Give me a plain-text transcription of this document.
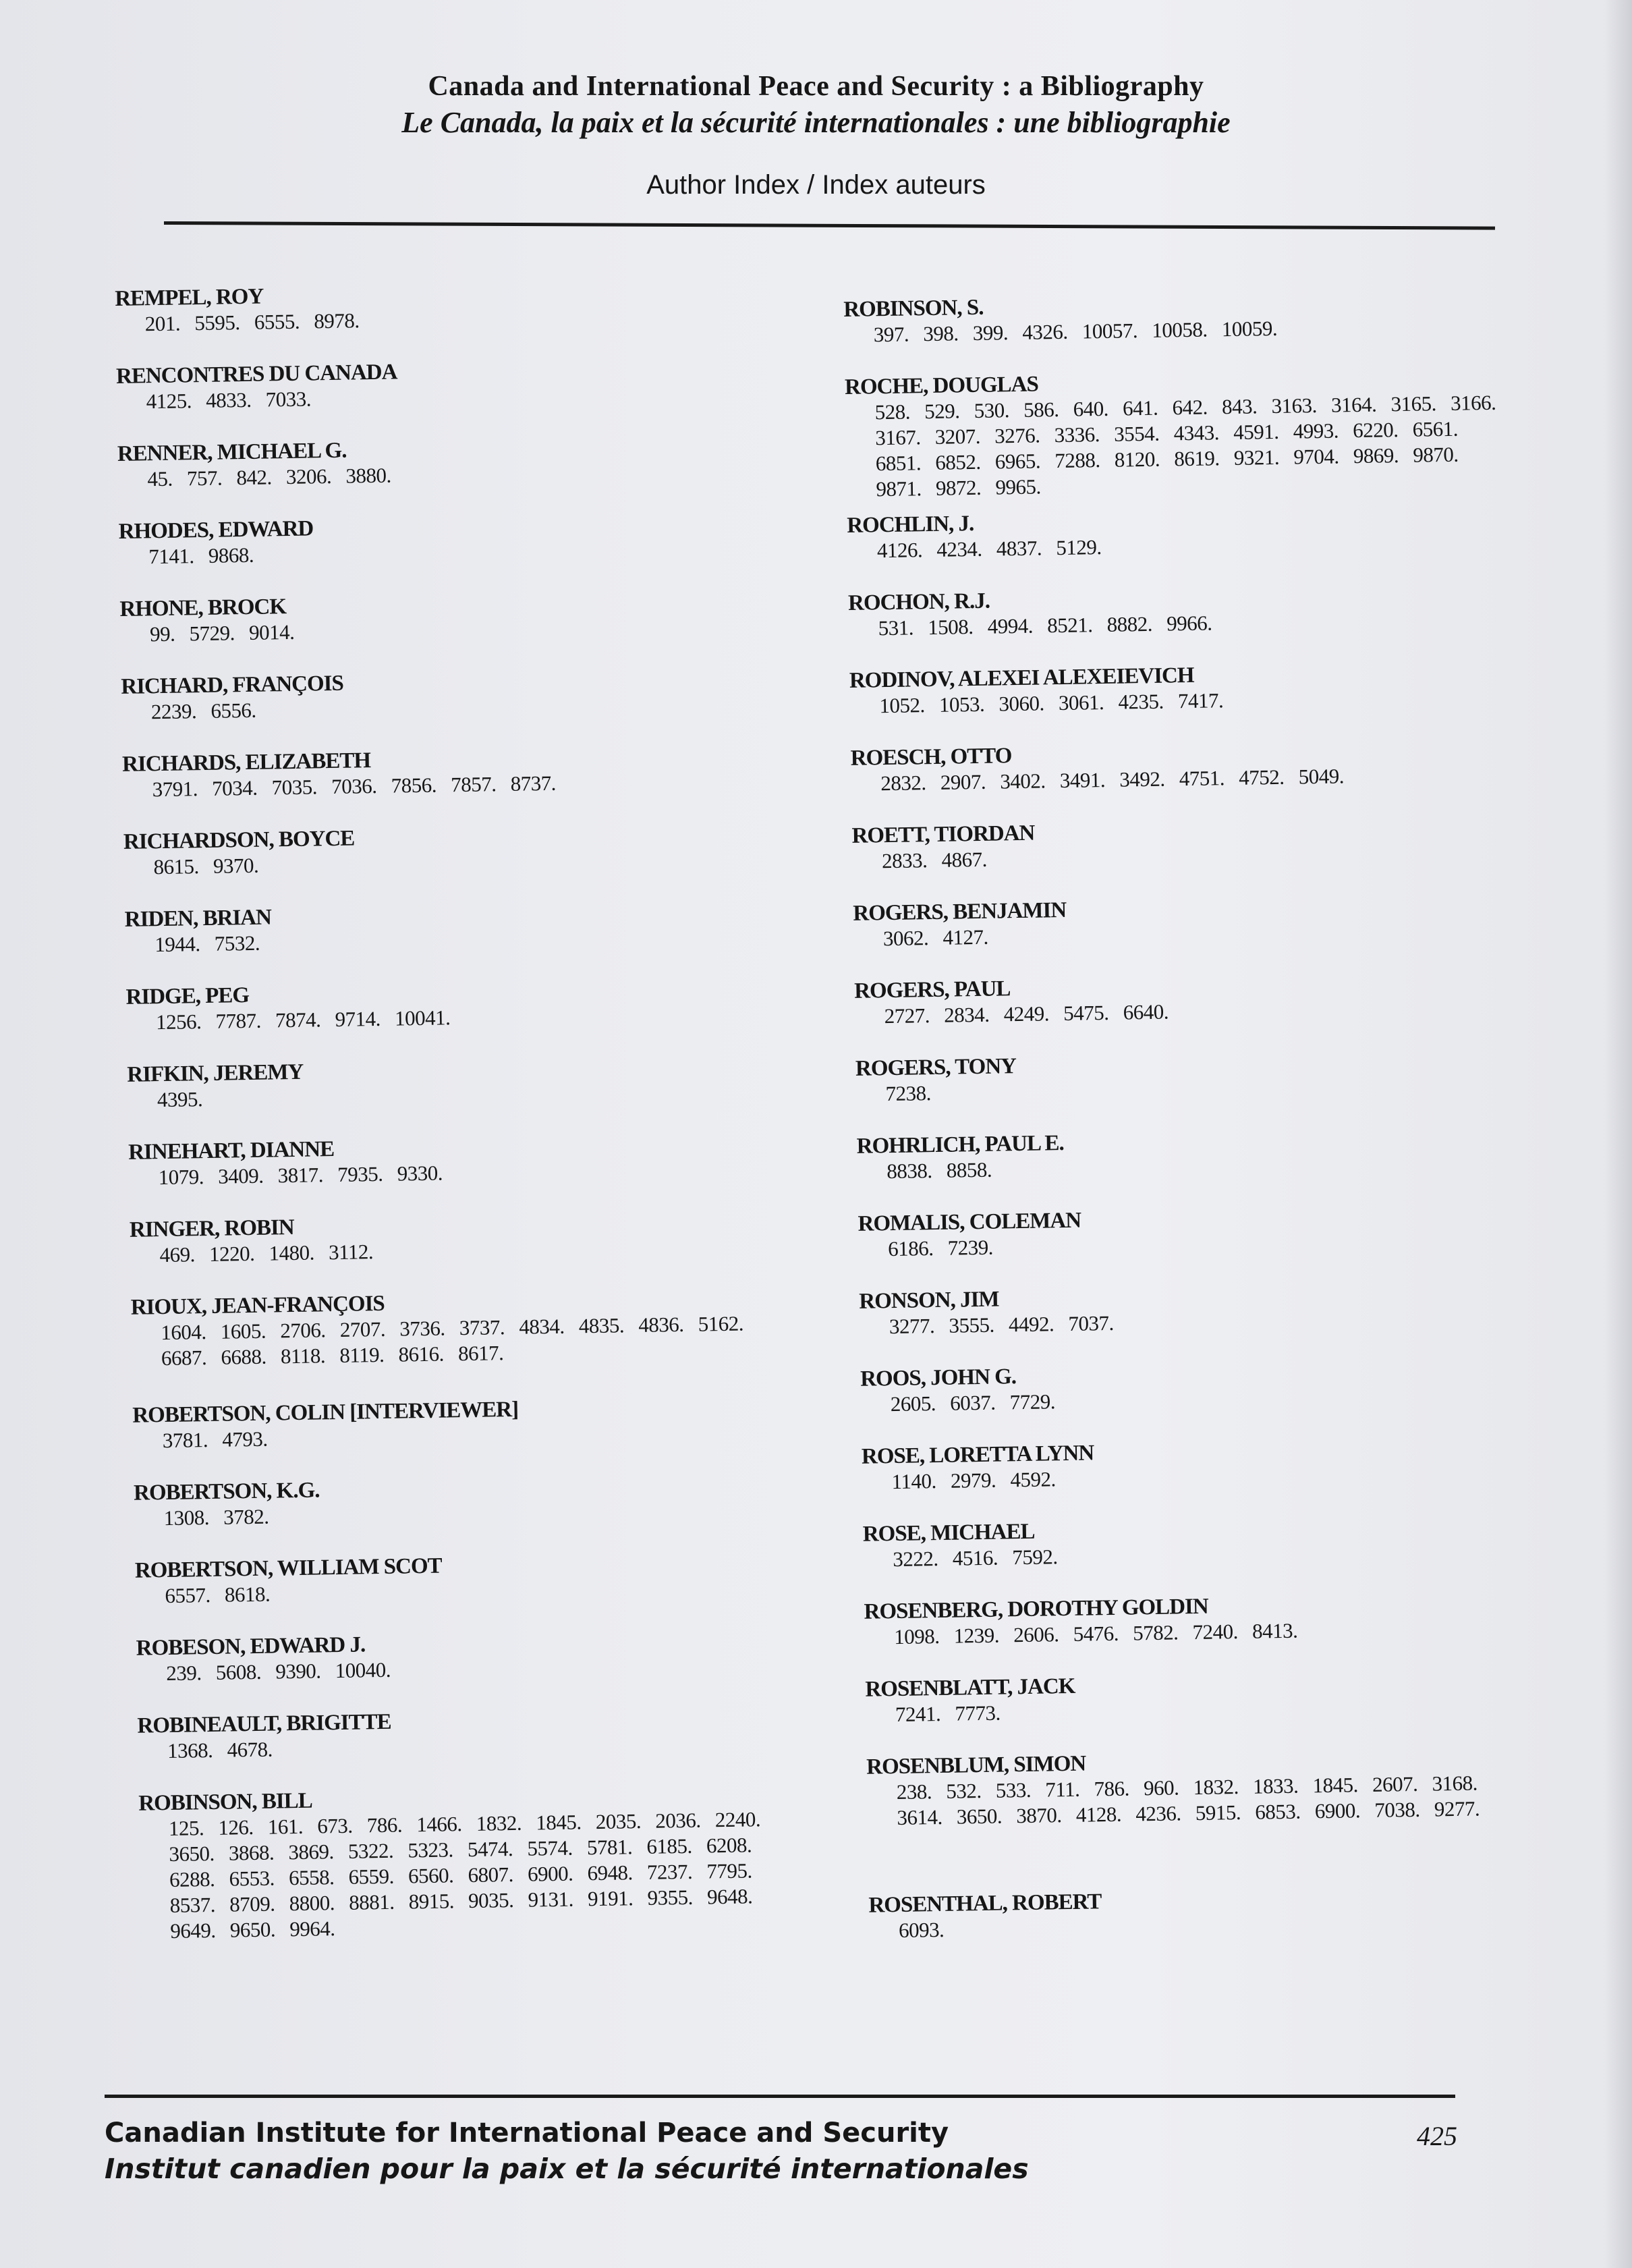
Canada and International Peace and Security : a Bibliography
Le Canada, la paix et la sécurité internationales : une bibliographie
Author Index / Index auteurs
REMPEL, ROY
201. 5595. 6555. 8978.
RENCONTRES DU CANADA
4125. 4833. 7033.
RENNER, MICHAEL G.
45. 757. 842. 3206. 3880.
RHODES, EDWARD
7141. 9868.
RHONE, BROCK
99. 5729. 9014.
RICHARD, FRANÇOIS
2239. 6556.
RICHARDS, ELIZABETH
3791. 7034. 7035. 7036. 7856. 7857. 8737.
RICHARDSON, BOYCE
8615. 9370.
RIDEN, BRIAN
1944. 7532.
RIDGE, PEG
1256. 7787. 7874. 9714. 10041.
RIFKIN, JEREMY
4395.
RINEHART, DIANNE
1079. 3409. 3817. 7935. 9330.
RINGER, ROBIN
469. 1220. 1480. 3112.
RIOUX, JEAN-FRANÇOIS
1604. 1605. 2706. 2707. 3736. 3737. 4834. 4835. 4836. 5162. 6687. 6688. 8118. 8119. 8616. 8617.
ROBERTSON, COLIN [INTERVIEWER]
3781. 4793.
ROBERTSON, K.G.
1308. 3782.
ROBERTSON, WILLIAM SCOT
6557. 8618.
ROBESON, EDWARD J.
239. 5608. 9390. 10040.
ROBINEAULT, BRIGITTE
1368. 4678.
ROBINSON, BILL
125. 126. 161. 673. 786. 1466. 1832. 1845. 2035. 2036. 2240. 3650. 3868. 3869. 5322. 5323. 5474. 5574. 5781. 6185. 6208. 6288. 6553. 6558. 6559. 6560. 6807. 6900. 6948. 7237. 7795. 8537. 8709. 8800. 8881. 8915. 9035. 9131. 9191. 9355. 9648. 9649. 9650. 9964.
ROBINSON, S.
397. 398. 399. 4326. 10057. 10058. 10059.
ROCHE, DOUGLAS
528. 529. 530. 586. 640. 641. 642. 843. 3163. 3164. 3165. 3166. 3167. 3207. 3276. 3336. 3554. 4343. 4591. 4993. 6220. 6561. 6851. 6852. 6965. 7288. 8120. 8619. 9321. 9704. 9869. 9870. 9871. 9872. 9965.
ROCHLIN, J.
4126. 4234. 4837. 5129.
ROCHON, R.J.
531. 1508. 4994. 8521. 8882. 9966.
RODINOV, ALEXEI ALEXEIEVICH
1052. 1053. 3060. 3061. 4235. 7417.
ROESCH, OTTO
2832. 2907. 3402. 3491. 3492. 4751. 4752. 5049.
ROETT, TIORDAN
2833. 4867.
ROGERS, BENJAMIN
3062. 4127.
ROGERS, PAUL
2727. 2834. 4249. 5475. 6640.
ROGERS, TONY
7238.
ROHRLICH, PAUL E.
8838. 8858.
ROMALIS, COLEMAN
6186. 7239.
RONSON, JIM
3277. 3555. 4492. 7037.
ROOS, JOHN G.
2605. 6037. 7729.
ROSE, LORETTA LYNN
1140. 2979. 4592.
ROSE, MICHAEL
3222. 4516. 7592.
ROSENBERG, DOROTHY GOLDIN
1098. 1239. 2606. 5476. 5782. 7240. 8413.
ROSENBLATT, JACK
7241. 7773.
ROSENBLUM, SIMON
238. 532. 533. 711. 786. 960. 1832. 1833. 1845. 2607. 3168. 3614. 3650. 3870. 4128. 4236. 5915. 6853. 6900. 7038. 9277.
ROSENTHAL, ROBERT
6093.
Canadian Institute for International Peace and Security
Institut canadien pour la paix et la sécurité internationales
425
